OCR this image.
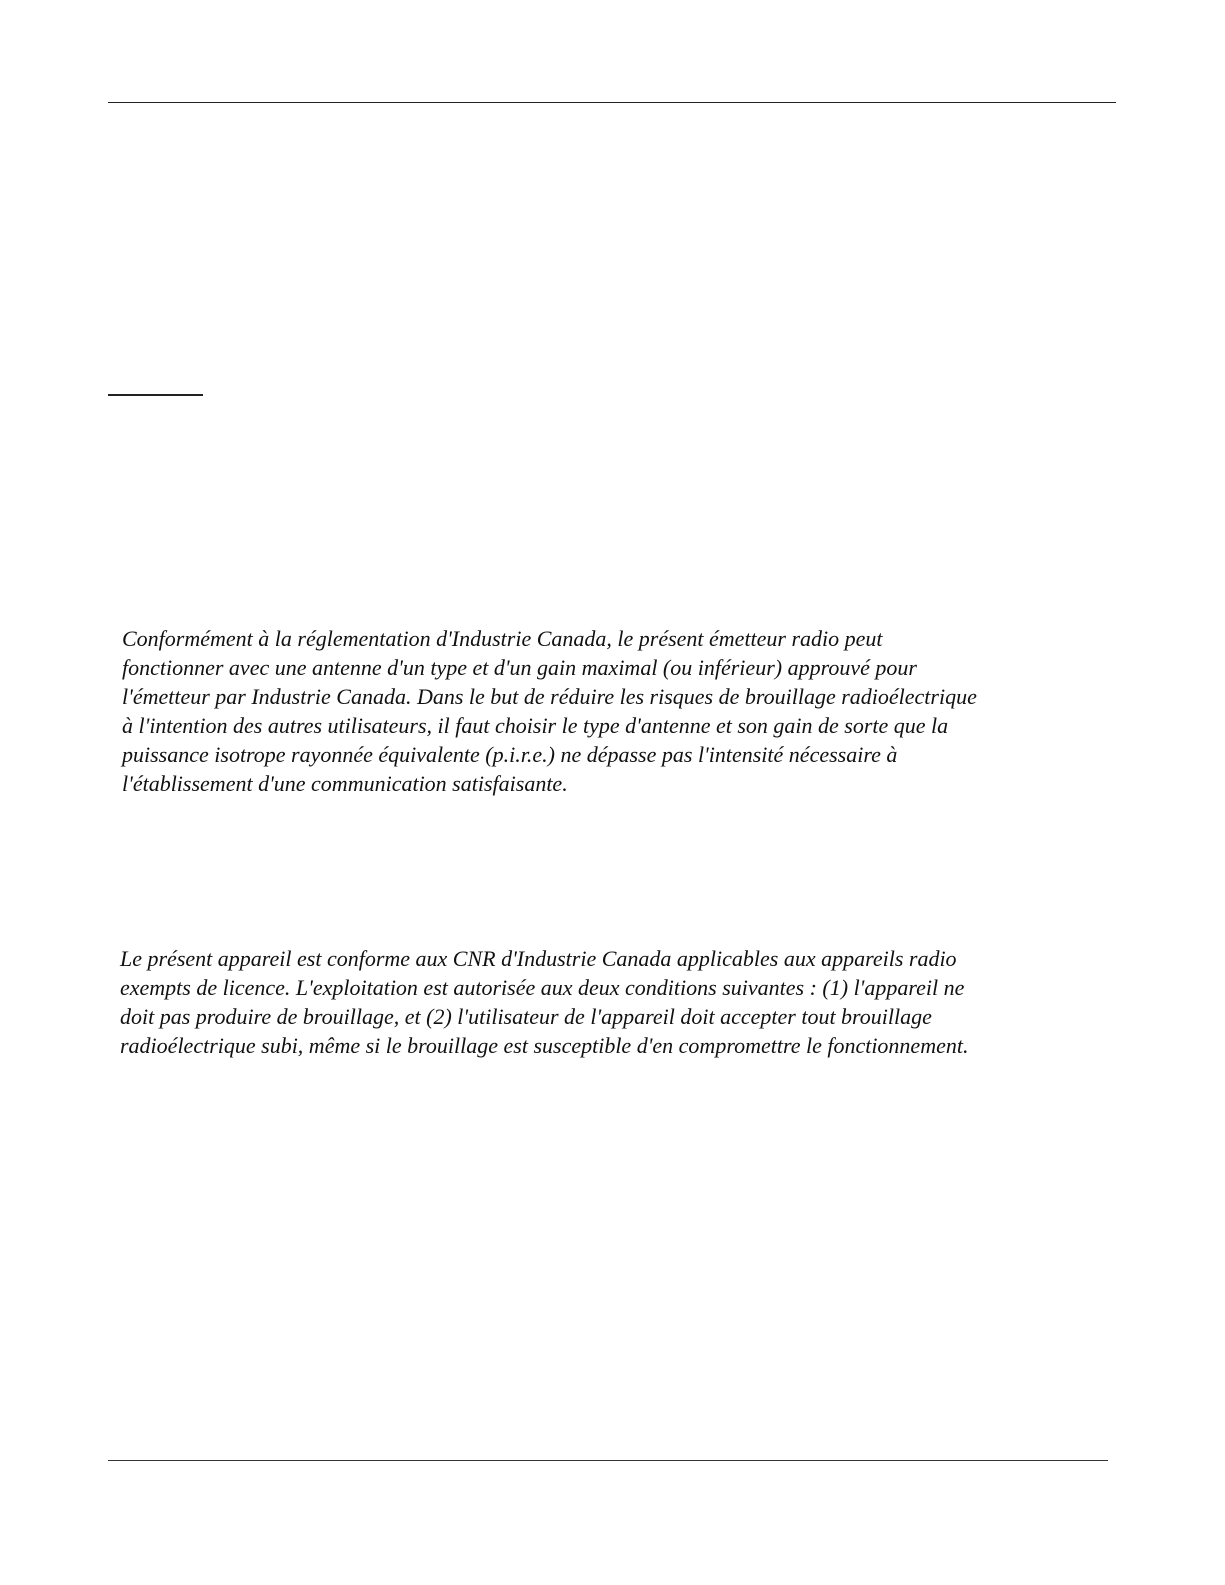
Conformément à la réglementation d'Industrie Canada, le présent émetteur radio peut
fonctionner avec une antenne d'un type et d'un gain maximal (ou inférieur) approuvé pour
l'émetteur par Industrie Canada. Dans le but de réduire les risques de brouillage radioélectrique
à l'intention des autres utilisateurs, il faut choisir le type d'antenne et son gain de sorte que la
puissance isotrope rayonnée équivalente (p.i.r.e.) ne dépasse pas l'intensité nécessaire à
l'établissement d'une communication satisfaisante.

Le présent appareil est conforme aux CNR d'Industrie Canada applicables aux appareils radio
exempts de licence. L'exploitation est autorisée aux deux conditions suivantes : (1) l'appareil ne
doit pas produire de brouillage, et (2) l'utilisateur de l'appareil doit accepter tout brouillage
radioélectrique subi, même si le brouillage est susceptible d'en compromettre le fonctionnement.
